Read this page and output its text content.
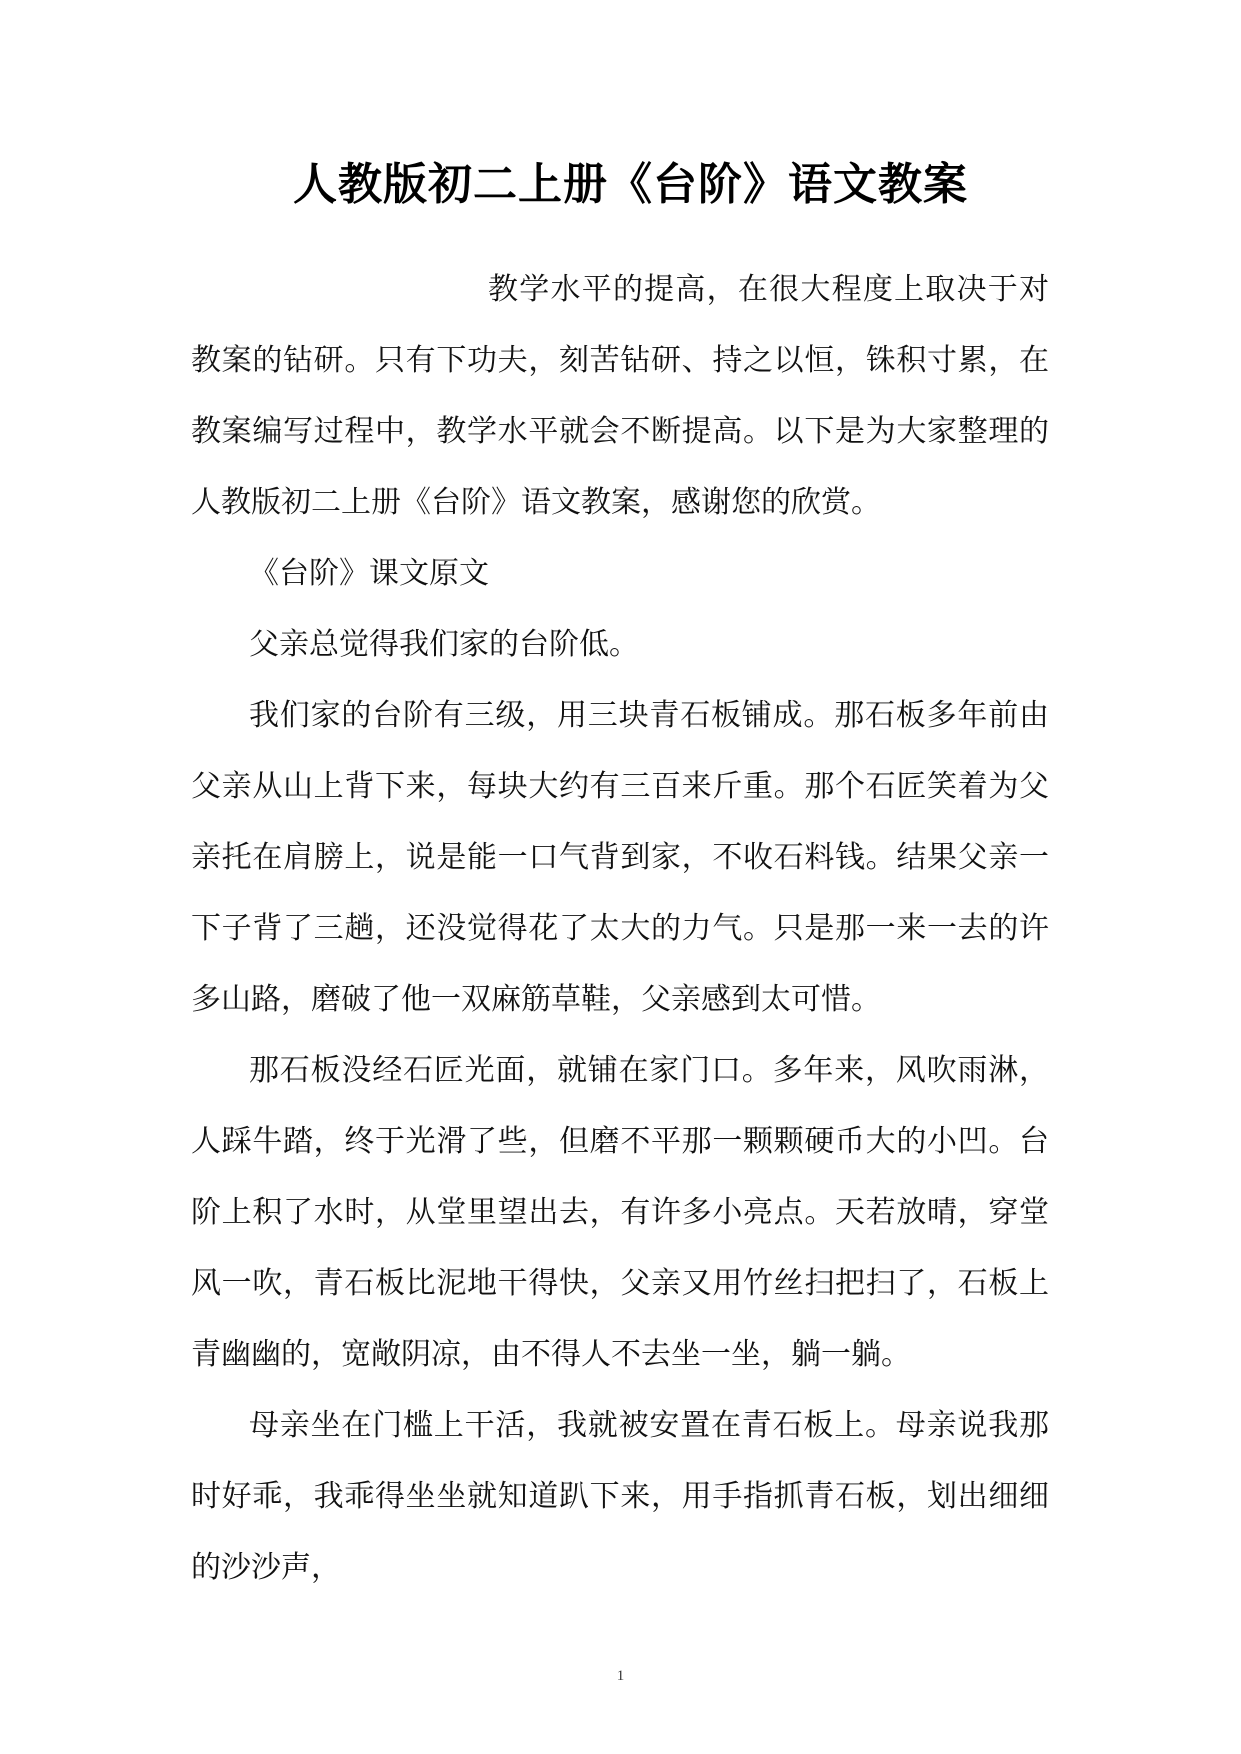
人教版初二上册《台阶》语文教案

教学水平的提高，在很大程度上取决于对教案的钻研。只有下功夫，刻苦钻研、持之以恒，铢积寸累，在教案编写过程中，教学水平就会不断提高。以下是为大家整理的人教版初二上册《台阶》语文教案，感谢您的欣赏。

《台阶》课文原文

父亲总觉得我们家的台阶低。

我们家的台阶有三级，用三块青石板铺成。那石板多年前由父亲从山上背下来，每块大约有三百来斤重。那个石匠笑着为父亲托在肩膀上，说是能一口气背到家，不收石料钱。结果父亲一下子背了三趟，还没觉得花了太大的力气。只是那一来一去的许多山路，磨破了他一双麻筋草鞋，父亲感到太可惜。

那石板没经石匠光面，就铺在家门口。多年来，风吹雨淋，人踩牛踏，终于光滑了些，但磨不平那一颗颗硬币大的小凹。台阶上积了水时，从堂里望出去，有许多小亮点。天若放晴，穿堂风一吹，青石板比泥地干得快，父亲又用竹丝扫把扫了，石板上青幽幽的，宽敞阴凉，由不得人不去坐一坐，躺一躺。

母亲坐在门槛上干活，我就被安置在青石板上。母亲说我那时好乖，我乖得坐坐就知道趴下来，用手指抓青石板，划出细细的沙沙声，

1
